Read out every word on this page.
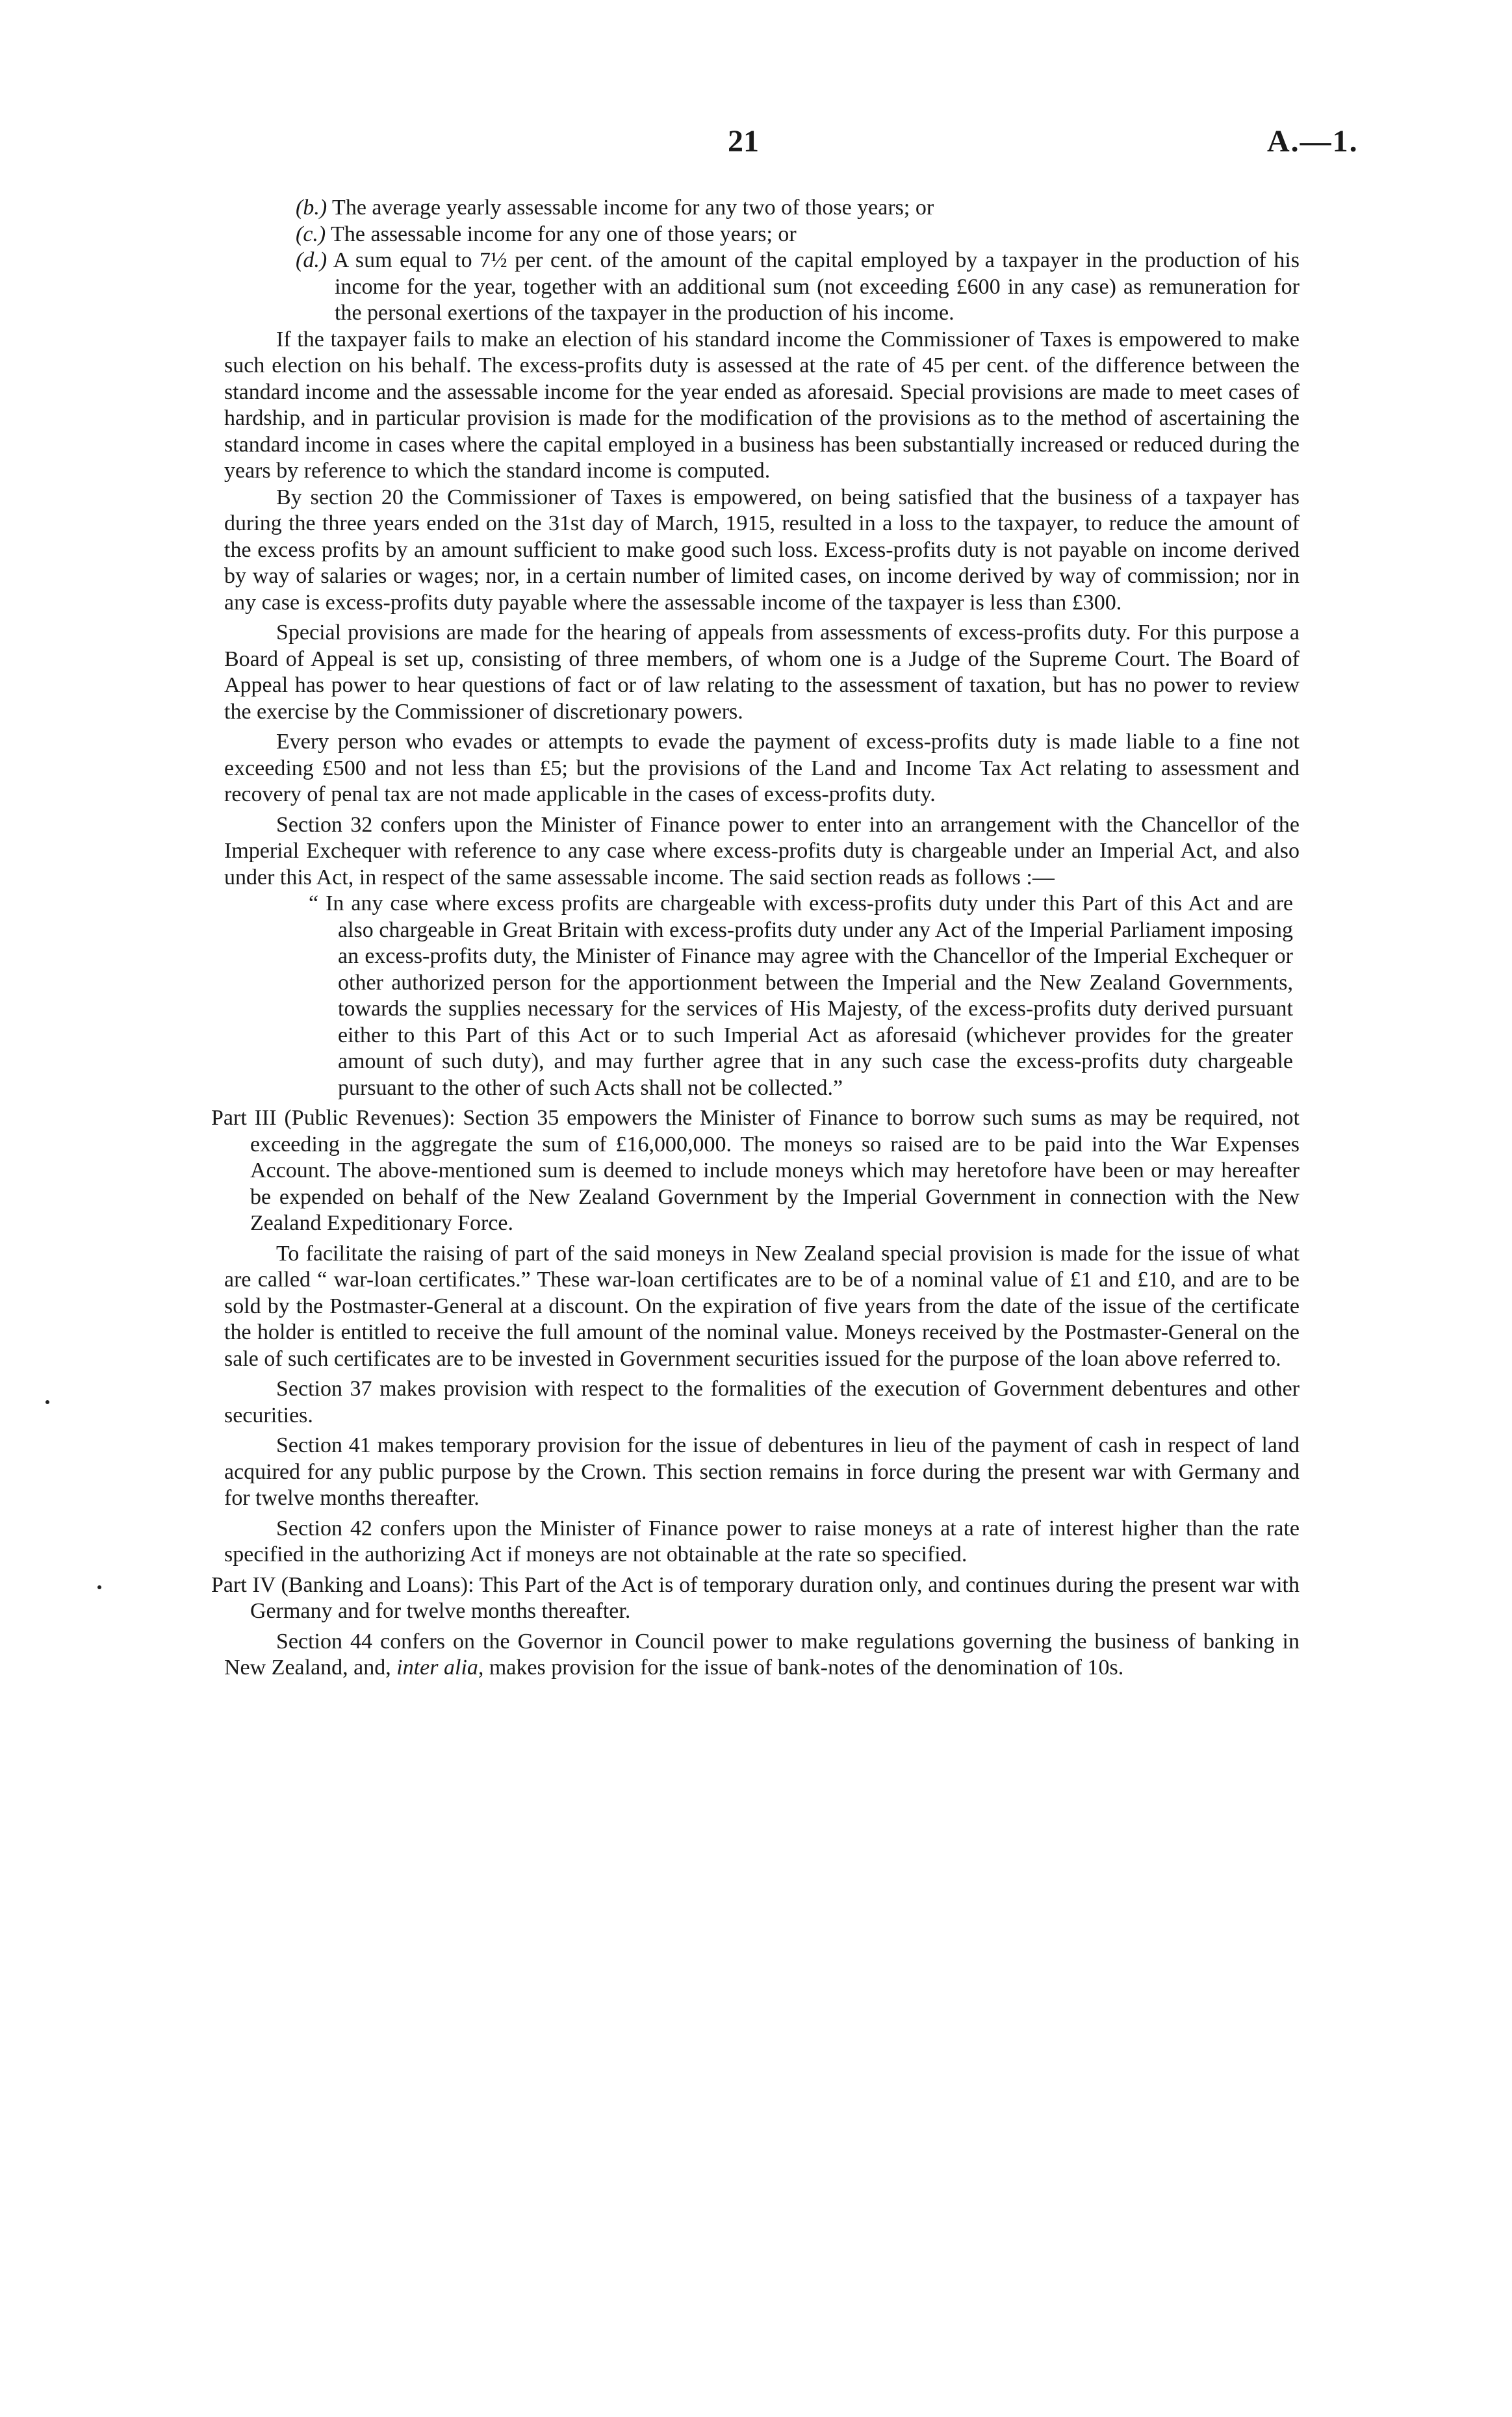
21	A.—1.

(b.) The average yearly assessable income for any two of those years; or

(c.) The assessable income for any one of those years; or

(d.) A sum equal to 7½ per cent. of the amount of the capital employed by a taxpayer in the production of his income for the year, together with an additional sum (not exceeding £600 in any case) as remuneration for the personal exertions of the taxpayer in the production of his income.

If the taxpayer fails to make an election of his standard income the Commissioner of Taxes is empowered to make such election on his behalf. The excess-profits duty is assessed at the rate of 45 per cent. of the difference between the standard income and the assessable income for the year ended as aforesaid. Special provisions are made to meet cases of hardship, and in particular provision is made for the modification of the provisions as to the method of ascertaining the standard income in cases where the capital employed in a business has been substantially increased or reduced during the years by reference to which the standard income is computed.

By section 20 the Commissioner of Taxes is empowered, on being satisfied that the business of a taxpayer has during the three years ended on the 31st day of March, 1915, resulted in a loss to the taxpayer, to reduce the amount of the excess profits by an amount sufficient to make good such loss. Excess-profits duty is not payable on income derived by way of salaries or wages; nor, in a certain number of limited cases, on income derived by way of commission; nor in any case is excess-profits duty payable where the assessable income of the taxpayer is less than £300.

Special provisions are made for the hearing of appeals from assessments of excess-profits duty. For this purpose a Board of Appeal is set up, consisting of three members, of whom one is a Judge of the Supreme Court. The Board of Appeal has power to hear questions of fact or of law relating to the assessment of taxation, but has no power to review the exercise by the Commissioner of discretionary powers.

Every person who evades or attempts to evade the payment of excess-profits duty is made liable to a fine not exceeding £500 and not less than £5; but the provisions of the Land and Income Tax Act relating to assessment and recovery of penal tax are not made applicable in the cases of excess-profits duty.

Section 32 confers upon the Minister of Finance power to enter into an arrangement with the Chancellor of the Imperial Exchequer with reference to any case where excess-profits duty is chargeable under an Imperial Act, and also under this Act, in respect of the same assessable income. The said section reads as follows :—

“ In any case where excess profits are chargeable with excess-profits duty under this Part of this Act and are also chargeable in Great Britain with excess-profits duty under any Act of the Imperial Parliament imposing an excess-profits duty, the Minister of Finance may agree with the Chancellor of the Imperial Exchequer or other authorized person for the apportionment between the Imperial and the New Zealand Governments, towards the supplies necessary for the services of His Majesty, of the excess-profits duty derived pursuant either to this Part of this Act or to such Imperial Act as aforesaid (whichever provides for the greater amount of such duty), and may further agree that in any such case the excess-profits duty chargeable pursuant to the other of such Acts shall not be collected.”

Part III (Public Revenues): Section 35 empowers the Minister of Finance to borrow such sums as may be required, not exceeding in the aggregate the sum of £16,000,000. The moneys so raised are to be paid into the War Expenses Account. The above-mentioned sum is deemed to include moneys which may heretofore have been or may hereafter be expended on behalf of the New Zealand Government by the Imperial Government in connection with the New Zealand Expeditionary Force.

To facilitate the raising of part of the said moneys in New Zealand special provision is made for the issue of what are called “ war-loan certificates.” These war-loan certificates are to be of a nominal value of £1 and £10, and are to be sold by the Postmaster-General at a discount. On the expiration of five years from the date of the issue of the certificate the holder is entitled to receive the full amount of the nominal value. Moneys received by the Postmaster-General on the sale of such certificates are to be invested in Government securities issued for the purpose of the loan above referred to.

Section 37 makes provision with respect to the formalities of the execution of Government debentures and other securities.

Section 41 makes temporary provision for the issue of debentures in lieu of the payment of cash in respect of land acquired for any public purpose by the Crown. This section remains in force during the present war with Germany and for twelve months thereafter.

Section 42 confers upon the Minister of Finance power to raise moneys at a rate of interest higher than the rate specified in the authorizing Act if moneys are not obtainable at the rate so specified.

Part IV (Banking and Loans): This Part of the Act is of temporary duration only, and continues during the present war with Germany and for twelve months thereafter.

Section 44 confers on the Governor in Council power to make regulations governing the business of banking in New Zealand, and, inter alia, makes provision for the issue of bank-notes of the denomination of 10s.
